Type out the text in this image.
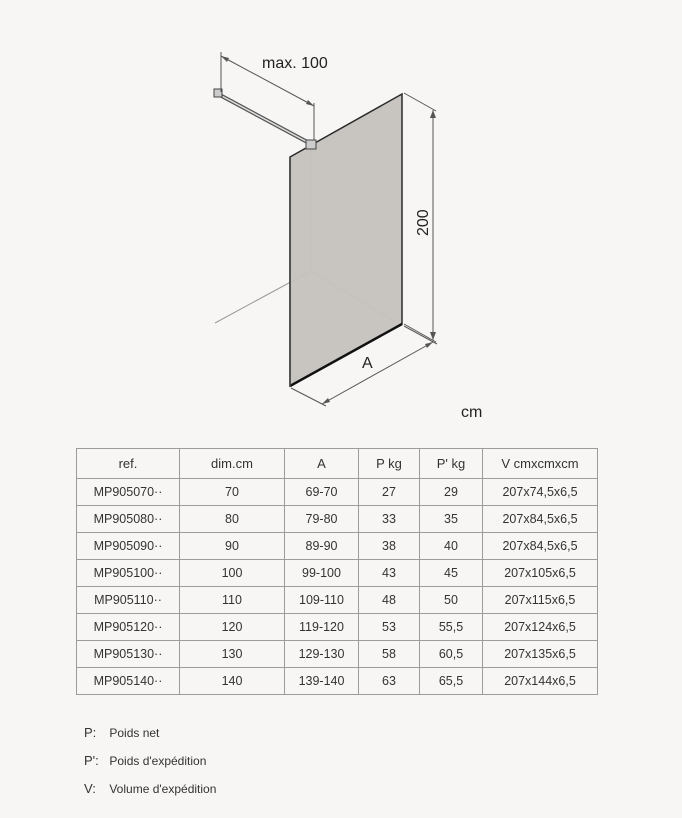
max. 100
200
A
cm
ref.	dim.cm	A	P kg	P' kg	V cmxcmxcm
MP905070··	70	69-70	27	29	207x74,5x6,5
MP905080··	80	79-80	33	35	207x84,5x6,5
MP905090··	90	89-90	38	40	207x84,5x6,5
MP905100··	100	99-100	43	45	207x105x6,5
MP905110··	110	109-110	48	50	207x115x6,5
MP905120··	120	119-120	53	55,5	207x124x6,5
MP905130··	130	129-130	58	60,5	207x135x6,5
MP905140··	140	139-140	63	65,5	207x144x6,5
P: Poids net
P': Poids d'expédition
V: Volume d'expédition
